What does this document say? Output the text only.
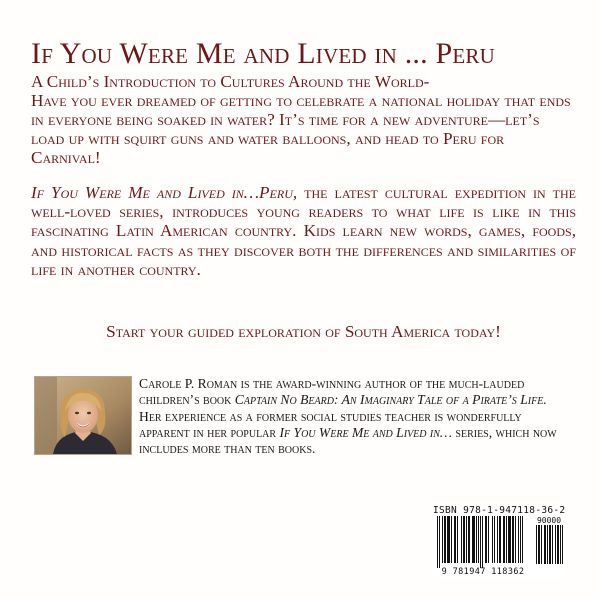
If You Were Me and Lived in ... Peru

A Child’s Introduction to Cultures Around the World-
Have you ever dreamed of getting to celebrate a national holiday that ends in everyone being soaked in water? It’s time for a new adventure—let’s load up with squirt guns and water balloons, and head to Peru for Carnival!

If You Were Me and Lived in…Peru, the latest cultural expedition in the well-loved series, introduces young readers to what life is like in this fascinating Latin American country. Kids learn new words, games, foods, and historical facts as they discover both the differences and similarities of life in another country.

Start your guided exploration of South America today!

Carole P. Roman is the award-winning author of the much-lauded children’s book Captain No Beard: An Imaginary Tale of a Pirate’s Life. Her experience as a former social studies teacher is wonderfully apparent in her popular If You Were Me and Lived in… series, which now includes more than ten books.

ISBN 978-1-947118-36-2
90000
9 781947 118362
